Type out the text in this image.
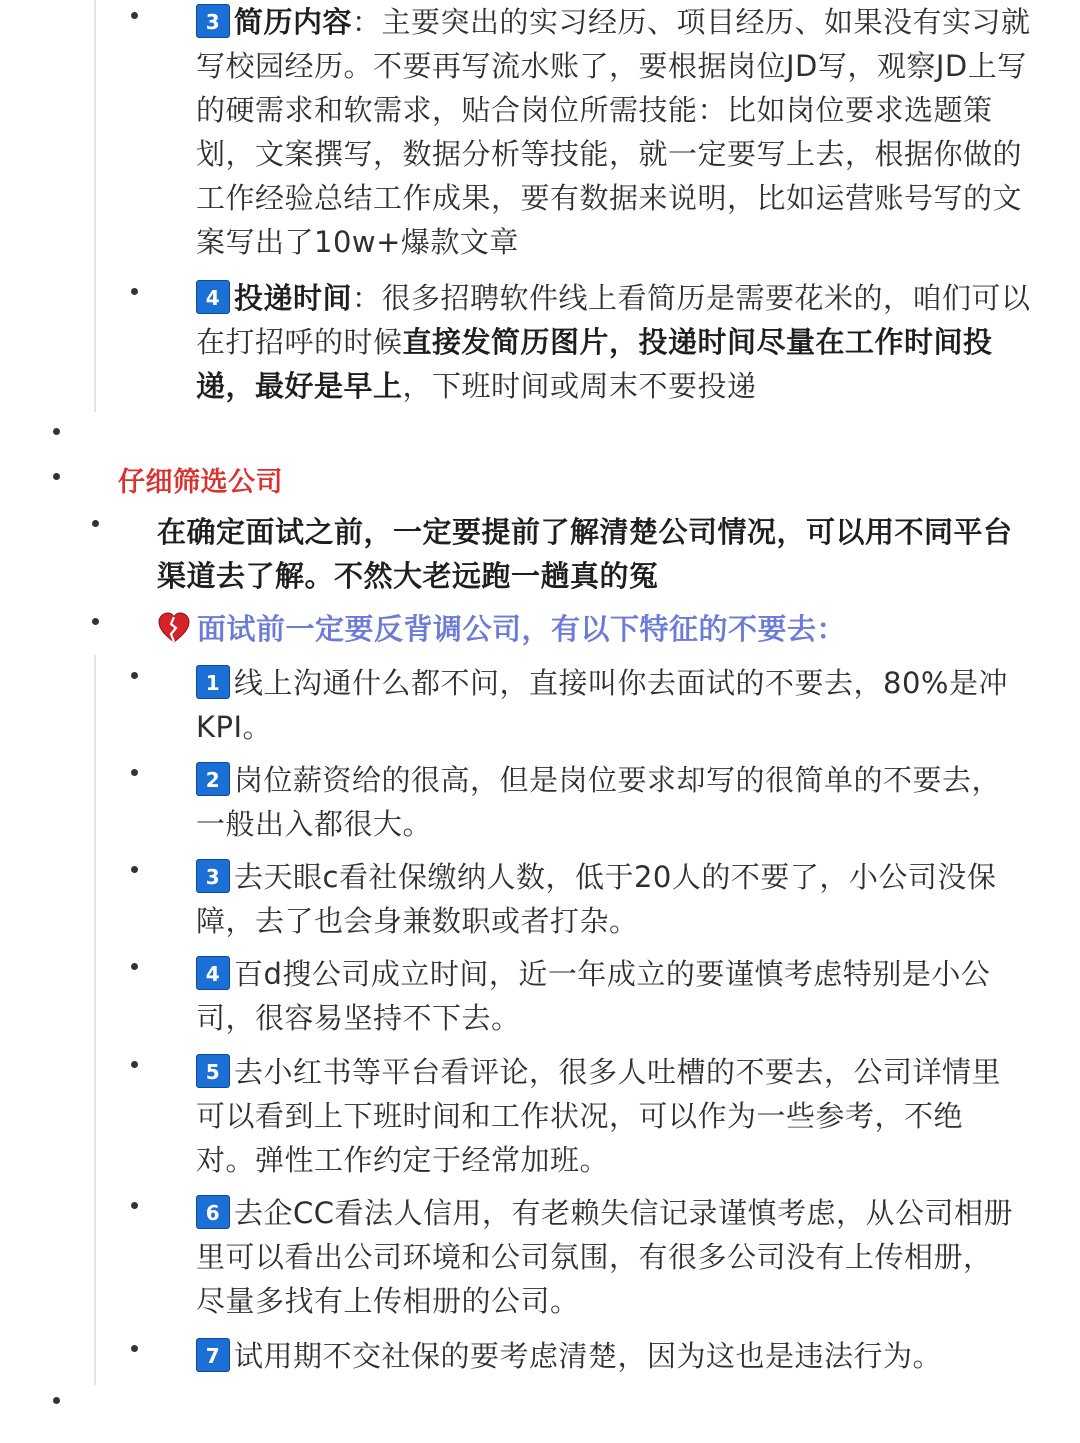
3 简历内容：主要突出的实习经历、项目经历、如果没有实习就写校园经历。不要再写流水账了，要根据岗位JD写，观察JD上写的硬需求和软需求，贴合岗位所需技能：比如岗位要求选题策划，文案撰写，数据分析等技能，就一定要写上去，根据你做的工作经验总结工作成果，要有数据来说明，比如运营账号写的文案写出了10w+爆款文章
4 投递时间：很多招聘软件线上看简历是需要花米的，咱们可以在打招呼的时候直接发简历图片，投递时间尽量在工作时间投递，最好是早上，下班时间或周末不要投递
仔细筛选公司
在确定面试之前，一定要提前了解清楚公司情况，可以用不同平台渠道去了解。不然大老远跑一趟真的冤
面试前一定要反背调公司，有以下特征的不要去：
1 线上沟通什么都不问，直接叫你去面试的不要去，80%是冲
KPI。
2 岗位薪资给的很高，但是岗位要求却写的很简单的不要去，
一般出入都很大。
3 去天眼c看社保缴纳人数，低于20人的不要了，小公司没保
障，去了也会身兼数职或者打杂。
4 百d搜公司成立时间，近一年成立的要谨慎考虑特别是小公
司，很容易坚持不下去。
5 去小红书等平台看评论，很多人吐槽的不要去，公司详情里
可以看到上下班时间和工作状况，可以作为一些参考，不绝
对。弹性工作约定于经常加班。
6 去企CC看法人信用，有老赖失信记录谨慎考虑，从公司相册
里可以看出公司环境和公司氛围，有很多公司没有上传相册，
尽量多找有上传相册的公司。
7 试用期不交社保的要考虑清楚，因为这也是违法行为。
